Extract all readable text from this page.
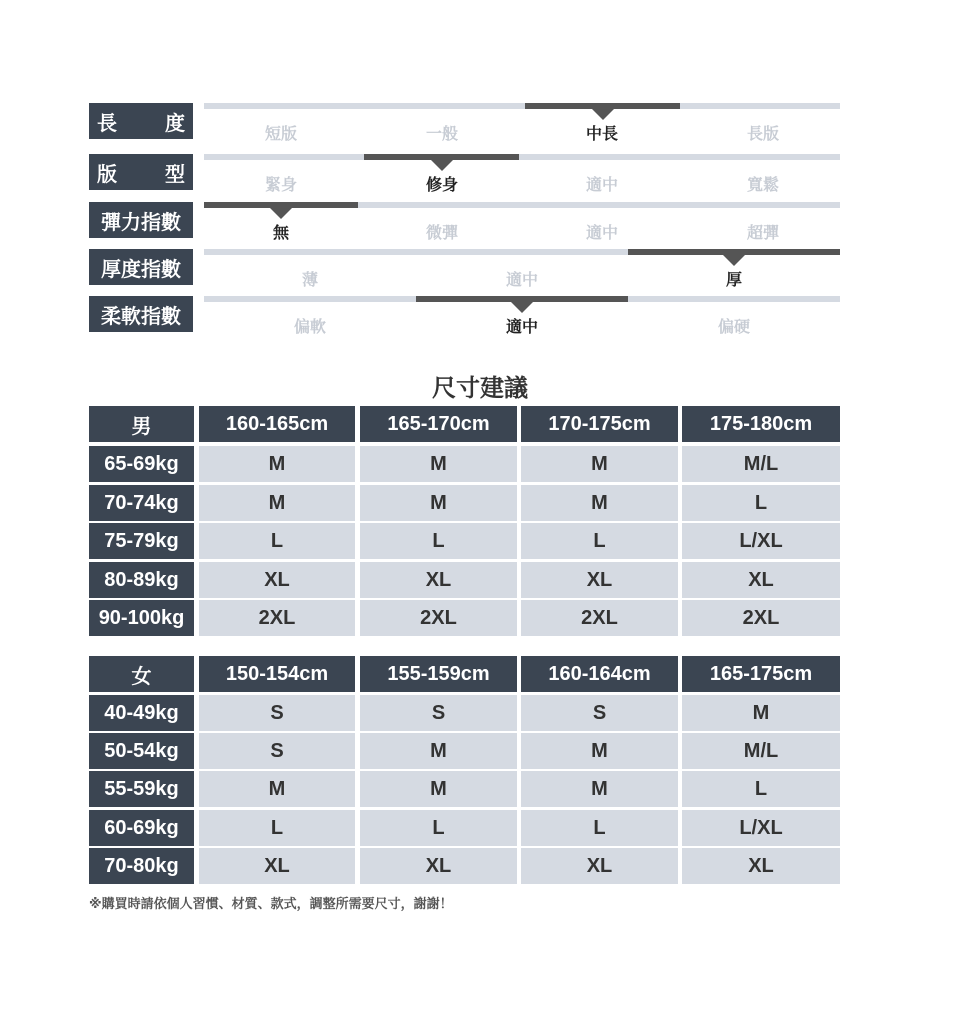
長 度	短版	一般	中長	長版
版 型	緊身	修身	適中	寬鬆
彈力指數	無	微彈	適中	超彈
厚度指數	薄	適中	厚
柔軟指數	偏軟	適中	偏硬
尺寸建議
男	160-165cm	165-170cm	170-175cm	175-180cm
65-69kg	M	M	M	M/L
70-74kg	M	M	M	L
75-79kg	L	L	L	L/XL
80-89kg	XL	XL	XL	XL
90-100kg	2XL	2XL	2XL	2XL
女	150-154cm	155-159cm	160-164cm	165-175cm
40-49kg	S	S	S	M
50-54kg	S	M	M	M/L
55-59kg	M	M	M	L
60-69kg	L	L	L	L/XL
70-80kg	XL	XL	XL	XL
※購買時請依個人習慣、材質、款式，調整所需要尺寸，謝謝！
